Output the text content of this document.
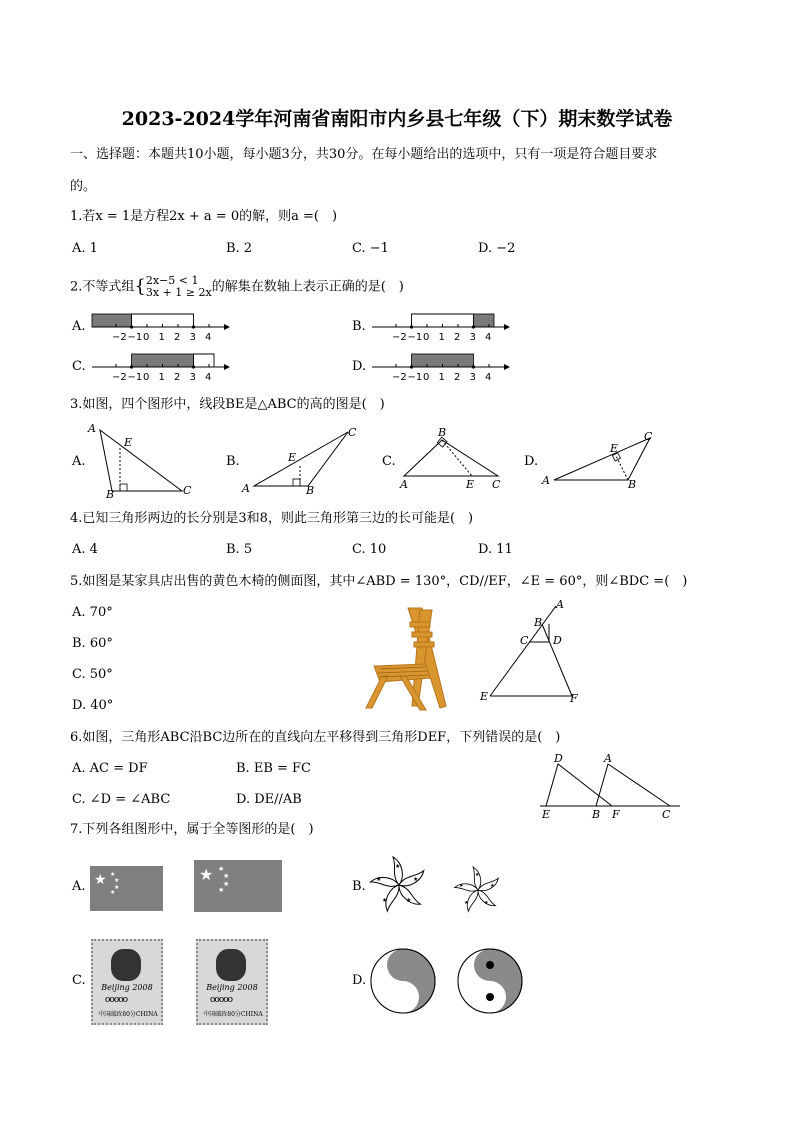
2023-2024学年河南省南阳市内乡县七年级（下）期末数学试卷
一、选择题：本题共10小题，每小题3分，共30分。在每小题给出的选项中，只有一项是符合题目要求
的。
1.若x = 1是方程2x + a = 0的解，则a =(　)
A. 1	B. 2	C. −1	D. −2
2.不等式组{2x−5 < 1
3x + 1 ≥ 2x的解集在数轴上表示正确的是(　)
A.	B.
C.	D.
−2 −1 0 1 2 3 4	−2 −1 0 1 2 3 4
−2 −1 0 1 2 3 4	−2 −1 0 1 2 3 4
3.如图，四个图形中，线段BE是△ABC的高的图是(　)
A.	B.	C.	D.
A
E
B	C	A
E
B
C
A
B
E C	A
E
B
C
4.已知三角形两边的长分别是3和8，则此三角形第三边的长可能是(　)
A. 4	B. 5	C. 10	D. 11
5.如图是某家具店出售的黄色木椅的侧面图，其中∠ABD = 130°，CD//EF，∠E = 60°，则∠BDC =(　)
A. 70°
B. 60°
C. 50°
D. 40°
A
B
C D
E	F
6.如图，三角形ABC沿BC边所在的直线向左平移得到三角形DEF，下列错误的是(　)
A. AC = DF	B. EB = FC
C. ∠D = ∠ABC	D. DE//AB
D	A
E	B F	C
7.下列各组图形中，属于全等图形的是(　)
A.	B.
C.	D.
★ ★
★
★
★
★ ★
★
★
★
★
★
★
★
★
★
★
★
★
★
Beijing 2008
ooooo
中国邮政80分CHINA
Beijing 2008
ooooo
中国邮政80分CHINA
